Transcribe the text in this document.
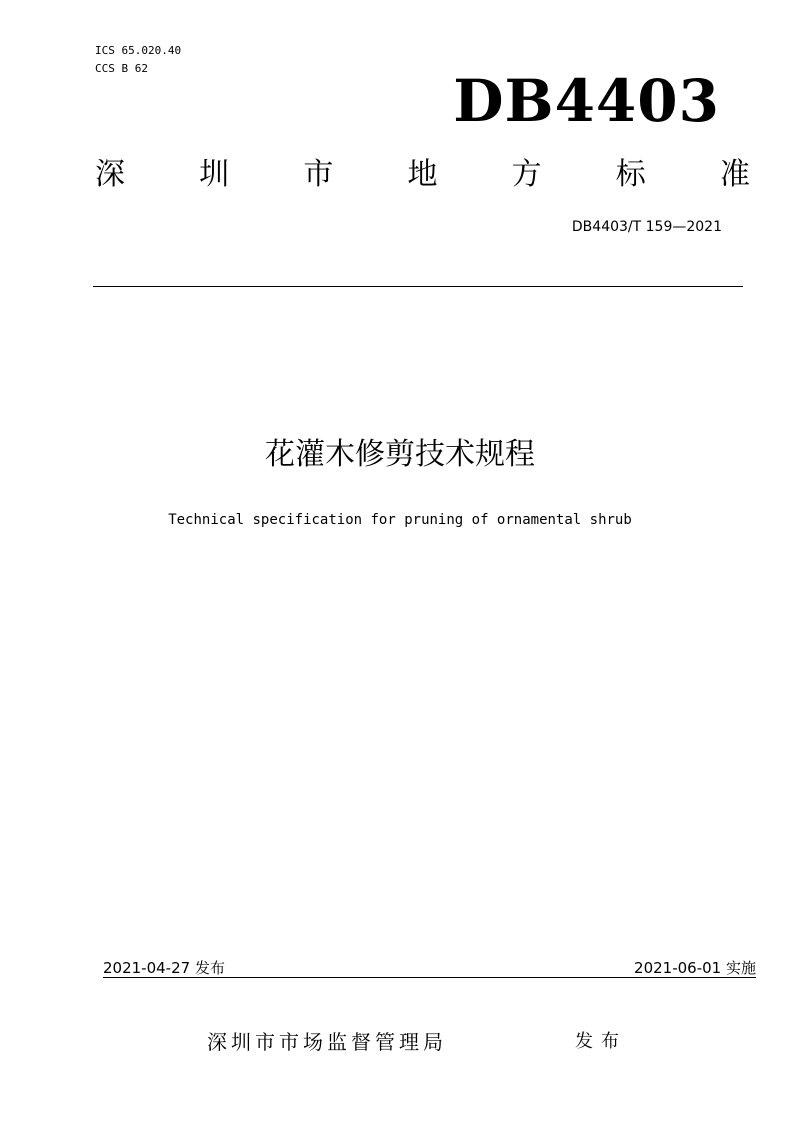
ICS 65.020.40
CCS B 62	DB4403
深 圳 市 地 方 标 准
DB4403/T 159—2021
花灌木修剪技术规程
Technical specification for pruning of ornamental shrub
2021-04-27 发布	2021-06-01 实施
深圳市市场监督管理局	发布
